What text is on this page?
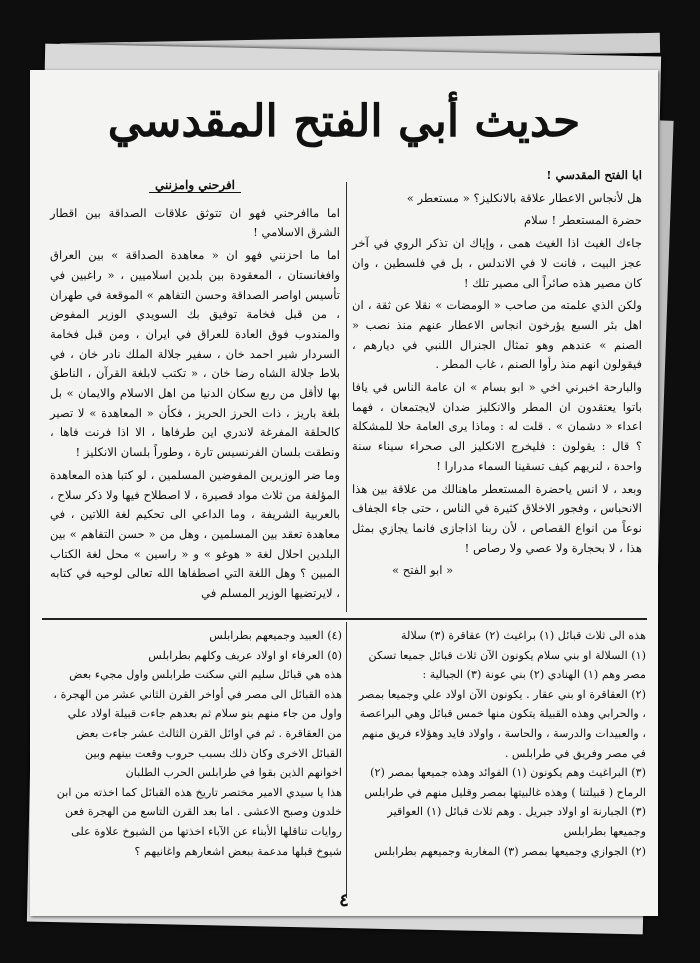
حديث أبي الفتح المقدسي

ابا الفتح المقدسي !

هل لأنجاس الاعطار علاقة بالانكليز؟ « مستعطر »

حضرة المستعطر ! سلام

جاءك الغيث اذا الغيث همى ، وإياك ان تذكر الروي في آخر عجز البيت ، فانت لا في الاندلس ، بل في فلسطين ، وان كان مصير هذه صائراً الى مصير تلك !

ولكن الذي علمته من صاحب « الومضات » نقلا عن ثقة ، ان اهل بئر السبع يؤرخون انجاس الاعطار عنهم منذ نصب « الصنم » عندهم وهو تمثال الجنرال اللنبي في ديارهم ، فيقولون انهم منذ رأوا الصنم ، غاب المطر .

والبارحة اخبرني اخي « ابو بسام » ان عامة الناس في يافا باتوا يعتقدون ان المطر والانكليز ضدان لايجتمعان ، فهما اعداء « دشمان » . قلت له : وماذا يرى العامة حلا للمشكلة ؟ قال : يقولون : فليخرج الانكليز الى صحراء سيناء سنة واحدة ، لنريهم كيف تسقينا السماء مدرارا !

وبعد ، لا انس ياحضرة المستعطر ماهنالك من علاقة بين هذا الانحباس ، وفجور الاخلاق كثيرة في الناس ، حتى جاء الجفاف نوعاً من انواع القصاص ، لأن ربنا اذاجازى فانما يجازي بمثل هذا ، لا بحجارة ولا عصي ولا رصاص !

« ابو الفتح »

افرحني وامزنني

اما ماافرحني فهو ان تتوثق علاقات الصداقة بين اقطار الشرق الاسلامي !

اما ما احزنني فهو ان « معاهدة الصداقة » بين العراق وافغانستان ، المعقودة بين بلدين اسلاميين ، « راغبين في تأسيس اواصر الصداقة وحسن التفاهم » الموقعة في طهران ، من قبل فخامة توفيق بك السويدي الوزير المفوض والمندوب فوق العادة للعراق في ايران ، ومن قبل فخامة السردار شير احمد خان ، سفير جلالة الملك نادر خان ، في بلاط جلالة الشاه رضا خان ، « تكتب لابلغة القرآن ، الناطق بها لاأقل من ربع سكان الدنيا من اهل الاسلام والايمان » بل بلغة باريز ، ذات الحرز الحريز ، فكأن « المعاهدة » لا تصير كالحلقة المفرغة لاندري اين طرفاها ، الا اذا فرنت فاها ، ونطقت بلسان الفرنسيس تارة ، وطوراً بلسان الانكليز !

وما ضر الوزيرين المفوضين المسلمين ، لو كتبا هذه المعاهدة المؤلفة من ثلاث مواد قصيرة ، لا اصطلاح فيها ولا ذكر سلاح ، بالعربية الشريفة ، وما الداعي الى تحكيم لغة اللاتين ، في معاهدة تعقد بين المسلمين ، وهل من « حسن التفاهم » بين البلدين احلال لغة « هوغو » و « راسين » محل لغة الكتاب المبين ؟ وهل اللغة التي اصطفاها الله تعالى لوحيه في كتابه ، لايرتضيها الوزير المسلم في

هذه الى ثلاث قبائل (١) براغيث (٢) عقاقرة (٣) سلالة

(١) السلالة او بني سلام يكونون الآن ثلاث قبائل جميعا تسكن مصر وهم (١) الهنادي (٢) بني عونة (٣) الجبالية :

(٢) العقاقرة او بني عقار . يكونون الآن اولاد علي وجميعا بمصر ، والحرابي وهذه القبيلة يتكون منها خمس قبائل وهي البراعصة ، والعبيدات والدرسة ، والحاسة ، واولاد فايد وهؤلاء فريق منهم في مصر وفريق في طرابلس .

(٣) البراغيث وهم يكونون (١) الفوائد وهذه جميعها بمصر (٢) الرماح ( قبيلتنا ) وهذه غالبيتها بمصر وقليل منهم في طرابلس (٣) الجبارنة او اولاد جبريل . وهم ثلاث قبائل (١) العواقير وجميعها بطرابلس

(٢) الجوازي وجميعها بمصر (٣) المغاربة وجميعهم بطرابلس

(٤) العبيد وجميعهم بطرابلس

(٥) العرفاء او اولاد عريف وكلهم بطرابلس

هذه هي قبائل سليم التي سكنت طرابلس واول مجيء بعض هذه القبائل الى مصر في أواخر القرن الثاني عشر من الهجرة ، واول من جاء منهم بنو سلام ثم بعدهم جاءت قبيلة اولاد علي من العقاقرة . ثم في اوائل القرن الثالث عشر جاءت بعض القبائل الاخرى وكان ذلك بسبب حروب وقعت بينهم وبين اخوانهم الذين بقوا في طرابلس الحرب الطلبان

هذا يا سيدي الامير مختصر تاريخ هذه القبائل كما اخذته من ابن خلدون وصبح الاعشى . اما بعد القرن التاسع من الهجرة فعن روايات تناقلها الأبناء عن الآباء اخذتها من الشيوخ علاوة على شيوخ قبلها مدعمة ببعض اشعارهم واغانيهم ؟

٤
